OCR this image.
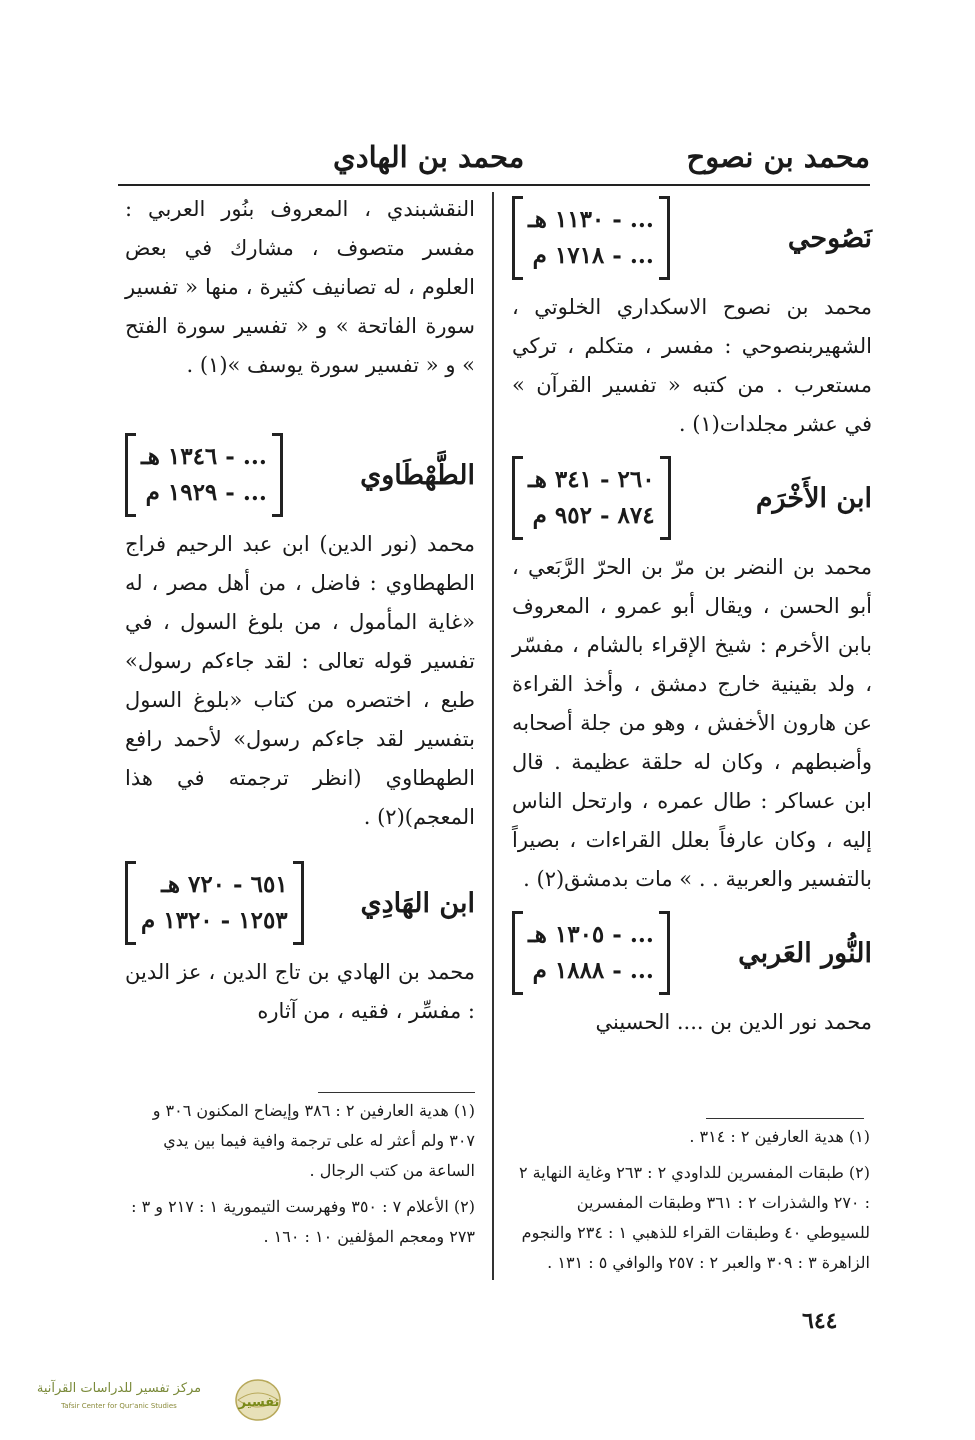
محمد بن نصوح
محمد بن الهادي
نَصُوحي
... - ١١٣٠ هـ
... - ١٧١٨ م

محمد بن نصوح الاسكداري الخلوتي ، الشهيربنصوحي : مفسر ، متكلم ، تركي مستعرب . من كتبه « تفسير القرآن » في عشر مجلدات(١) .

ابن الأَخْرَم
٢٦٠ - ٣٤١ هـ
٨٧٤ - ٩٥٢ م

محمد بن النضر بن مرّ بن الحرّ الرَّبَعي ، أبو الحسن ، ويقال أبو عمرو ، المعروف بابن الأخرم : شيخ الإقراء بالشام ، مفسّر ، ولد بقينية خارج دمشق ، وأخذ القراءة عن هارون الأخفش ، وهو من جلة أصحابه وأضبطهم ، وكان له حلقة عظيمة . قال ابن عساكر : طال عمره ، وارتحل الناس إليه ، وكان عارفاً بعلل القراءات ، بصيراً بالتفسير والعربية . . » مات بدمشق(٢) .

النُّور العَربي
... - ١٣٠٥ هـ
... - ١٨٨٨ م

محمد نور الدين بن .... الحسيني

النقشبندي ، المعروف بنُور العربي : مفسر متصوف ، مشارك في بعض العلوم ، له تصانيف كثيرة ، منها « تفسير سورة الفاتحة » و « تفسير سورة الفتح » و « تفسير سورة يوسف »(١) .

الطَّهْطَاوي
... - ١٣٤٦ هـ
... - ١٩٢٩ م

محمد (نور الدين) ابن عبد الرحيم فراج الطهطاوي : فاضل ، من أهل مصر ، له «غاية المأمول ، من بلوغ السول ، في تفسير قوله تعالى : لقد جاءكم رسول» طبع ، اختصره من كتاب «بلوغ السول بتفسير لقد جاءكم رسول» لأحمد رافع الطهطاوي (انظر ترجمته في هذا المعجم)(٢) .

ابن الهَادِي
٦٥١ - ٧٢٠ هـ
١٢٥٣ - ١٣٢٠ م

محمد بن الهادي بن تاج الدين ، عز الدين : مفسِّر ، فقيه ، من آثاره

(١) هدية العارفين ٢ : ٣١٤ .

(٢) طبقات المفسرين للداودي ٢ : ٢٦٣ وغاية النهاية ٢ : ٢٧٠ والشذرات ٢ : ٣٦١ وطبقات المفسرين للسيوطي ٤٠ وطبقات القراء للذهبي ١ : ٢٣٤ والنجوم الزاهرة ٣ : ٣٠٩ والعبر ٢ : ٢٥٧ والوافي ٥ : ١٣١ .

(١) هدية العارفين ٢ : ٣٨٦ وإيضاح المكنون ٣٠٦ و ٣٠٧ ولم أعثر له على ترجمة وافية فيما بين يدي الساعة من كتب الرجال .

(٢) الأعلام ٧ : ٣٥٠ وفهرست التيمورية ١ : ٢١٧ و ٣ : ٢٧٣ ومعجم المؤلفين ١٠ : ١٦٠ .

٦٤٤
مركز تفسير للدراسات القرآنية
Tafsir Center for Qur'anic Studies	تفسير
